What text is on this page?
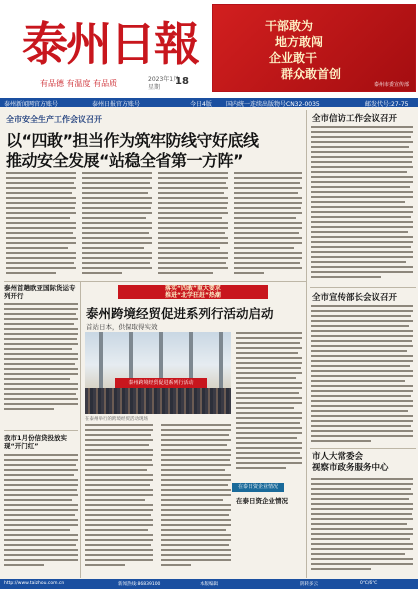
泰州日報
有品德 有温度 有品质	2023年1月
星期
18
干部敢为
地方敢闯
企业敢干
群众敢首创
泰州市委宣传部
泰州新闻网官方账号	泰州日报官方账号	今日4版 国内统一连续出版物号CN32-0035	邮发代号:27-75
全市安全生产工作会议召开
以“四敢”担当作为筑牢防线守好底线
推动安全发展“站稳全省第一方阵”
全市信访工作会议召开
全市宣传部长会议召开
市人大常委会
视察市政务服务中心
泰州首趟欧亚国际货运专列开行
我市1月份信贷投放实现“开门红”
落实“四敢”重大要求
推进“北学狂赶”热潮
泰州跨境经贸促进系列行活动启动
首站日本，供保取得实效
泰州跨境经贸促进系列行活动
在泰州举行的跨境经贸活动现场
在泰日资企业情况
在泰日资企业情况
http://www.taizhou.com.cn	新闻热线:86839100	本版编辑	阴转多云	0℃/6℃
